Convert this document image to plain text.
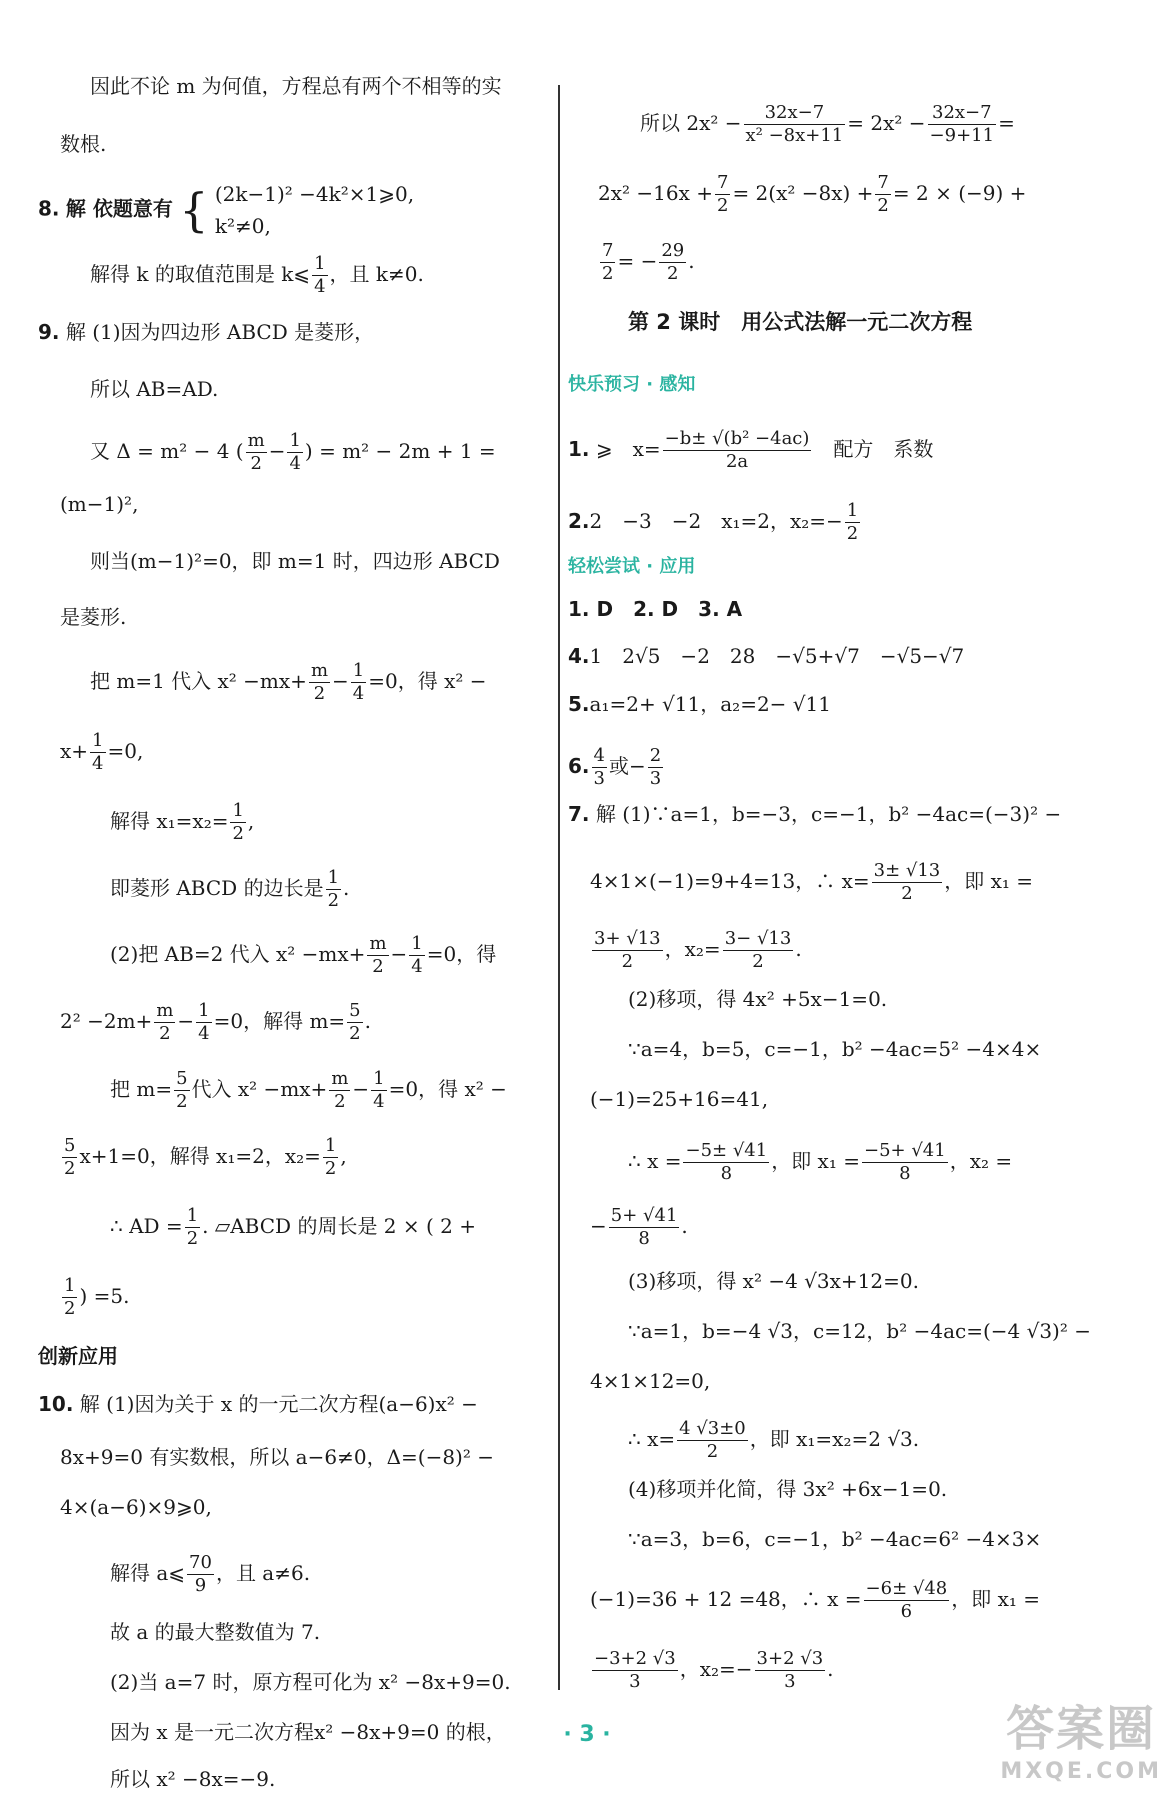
因此不论 m 为何值，方程总有两个不相等的实
数根.
8. 解 依题意有 { (2k−1)² −4k²×1⩾0,
k²≠0,
解得 k 的取值范围是 k⩽ $\frac{1}{4}$ ，且 k≠0.
9. 解 (1)因为四边形 ABCD 是菱形，
所以 AB=AD.
又 Δ = m² − 4 ( $\frac{m}{2} - \frac{1}{4}$ ) = m² − 2m + 1 =
(m−1)²,
则当(m−1)²=0，即 m=1 时，四边形 ABCD
是菱形.
把 m=1 代入 $x^2 -mx+ \frac{m}{2} - \frac{1}{4} =0$，得 x² −
$x+ \frac{1}{4} =0$,
解得 $x_1=x_2= \frac{1}{2}$ ,
即菱形 ABCD 的边长是 $\frac{1}{2}$ .
(2)把 AB=2 代入 $x^2 -mx+ \frac{m}{2} - \frac{1}{4} =0$，得
$2^2 -2m+ \frac{m}{2} - \frac{1}{4} =0$，解得 $m= \frac{5}{2}$ .
把 $m= \frac{5}{2}$ 代入 $x^2 -mx+ \frac{m}{2} - \frac{1}{4} =0$，得 x² −
$\frac{5}{2} x+1=0$，解得 x₁=2，$x_2= \frac{1}{2}$ ,
∴ AD = $\frac{1}{2}$ . ▱ABCD 的周长是 2 × ( 2 +
$\frac{1}{2}$ ) =5.
创新应用
10. 解 (1)因为关于 x 的一元二次方程(a−6)x² −
8x+9=0 有实数根，所以 a−6≠0，Δ=(−8)² −
4×(a−6)×9⩾0,
解得 a⩽ $\frac{70}{9}$ ，且 a≠6.
故 a 的最大整数值为 7.
(2)当 a=7 时，原方程可化为 x² −8x+9=0.
因为 x 是一元二次方程x² −8x+9=0 的根，
所以 x² −8x=−9.
所以 $2x^2 - \frac{32x-7}{\text{x² −8x+11}} = 2x^2 - \frac{32x-7}{-9+11}$ =
$2x^2 -16x + \frac{7}{2} = 2(x^2 -8x) + \frac{7}{2} = 2 \times (-9)$ +
$\frac{7}{2}$ = − $\frac{29}{2}$ .
第 2 课时　用公式法解一元二次方程
快乐预习 · 感知
1. ⩾　$x= \frac{\text{−b± √(b² −4ac)}}{2a}$ 　配方　系数
2.2　−3　−2　x₁=2，$x_2=- \frac{1}{2}$
轻松尝试 · 应用
1. D　2. D　3. A
4.1　2√5　−2　28　−√5+√7　−√5−√7
5.a₁=2+ √11，a₂=2− √11
6. $\frac{4}{3}$ 或− $\frac{2}{3}$
7. 解 (1)∵a=1，b=−3，c=−1，b² −4ac=(−3)² −
4×1×(−1)=9+4=13，∴ $x= \frac{3\pm √13}{2}$ ，即 x₁ =
$\frac{3+ √13}{2}$ ，$x_2= \frac{3- √13}{2}$ .
(2)移项，得 4x² +5x−1=0.
∵a=4，b=5，c=−1，b² −4ac=5² −4×4×
(−1)=25+16=41,
∴ $x = \frac{-5\pm √41}{8}$ ，即 $x_1 = \frac{-5+ √41}{8}$ ，x₂ =
− $\frac{5+ √41}{8}$ .
(3)移项，得 x² −4 √3x+12=0.
∵a=1，b=−4 √3，c=12，b² −4ac=(−4 √3)² −
4×1×12=0,
∴ $x= \frac{4 √3\pm 0}{2}$ ，即 x₁=x₂=2 √3.
(4)移项并化简，得 3x² +6x−1=0.
∵a=3，b=6，c=−1，b² −4ac=6² −4×3×
(−1)=36 + 12 =48，∴ $x = \frac{-6\pm √48}{6}$ ，即 x₁ =
$\frac{-3+2 √3}{3}$ ，$x_2=- \frac{3+2 √3}{3}$ .
· 3 ·	答案圈
MXQE.COM
